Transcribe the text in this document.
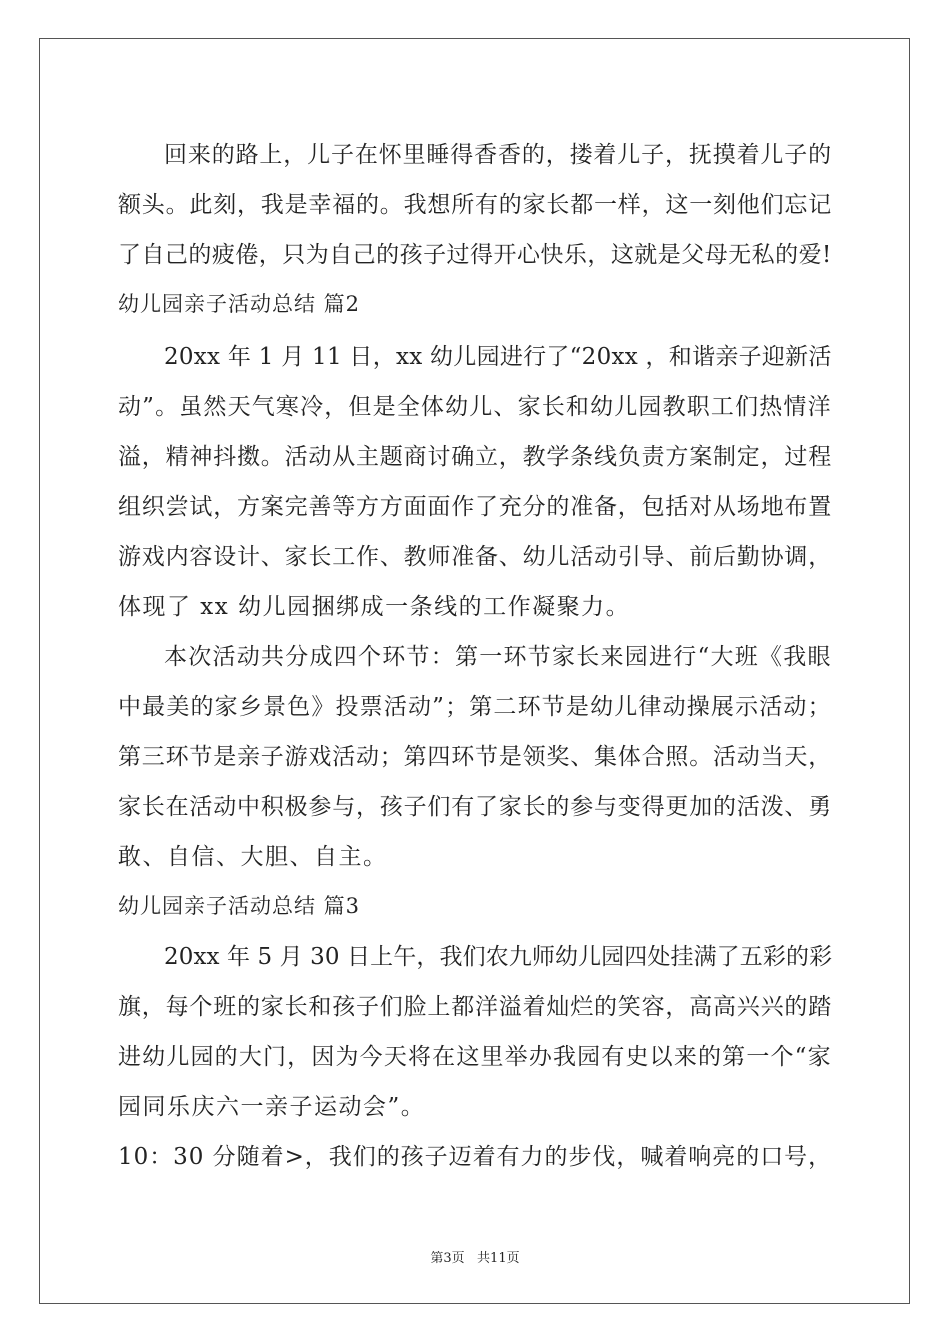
回来的路上，儿子在怀里睡得香香的，搂着儿子，抚摸着儿子的
额头。此刻，我是幸福的。我想所有的家长都一样，这一刻他们忘记
了自己的疲倦，只为自己的孩子过得开心快乐，这就是父母无私的爱!
幼儿园亲子活动总结 篇2
20xx 年 1 月 11 日，xx 幼儿园进行了“20xx ，和谐亲子迎新活
动”。虽然天气寒冷，但是全体幼儿、家长和幼儿园教职工们热情洋
溢，精神抖擞。活动从主题商讨确立，教学条线负责方案制定，过程
组织尝试，方案完善等方方面面作了充分的准备，包括对从场地布置
游戏内容设计、家长工作、教师准备、幼儿活动引导、前后勤协调，
体现了 xx 幼儿园捆绑成一条线的工作凝聚力。
本次活动共分成四个环节：第一环节家长来园进行“大班《我眼
中最美的家乡景色》投票活动”；第二环节是幼儿律动操展示活动；
第三环节是亲子游戏活动；第四环节是领奖、集体合照。活动当天，
家长在活动中积极参与，孩子们有了家长的参与变得更加的活泼、勇
敢、自信、大胆、自主。
幼儿园亲子活动总结 篇3
20xx 年 5 月 30 日上午，我们农九师幼儿园四处挂满了五彩的彩
旗，每个班的家长和孩子们脸上都洋溢着灿烂的笑容，高高兴兴的踏
进幼儿园的大门，因为今天将在这里举办我园有史以来的第一个“家
园同乐庆六一亲子运动会”。
10：30 分随着>，我们的孩子迈着有力的步伐，喊着响亮的口号，
第3页   共11页
